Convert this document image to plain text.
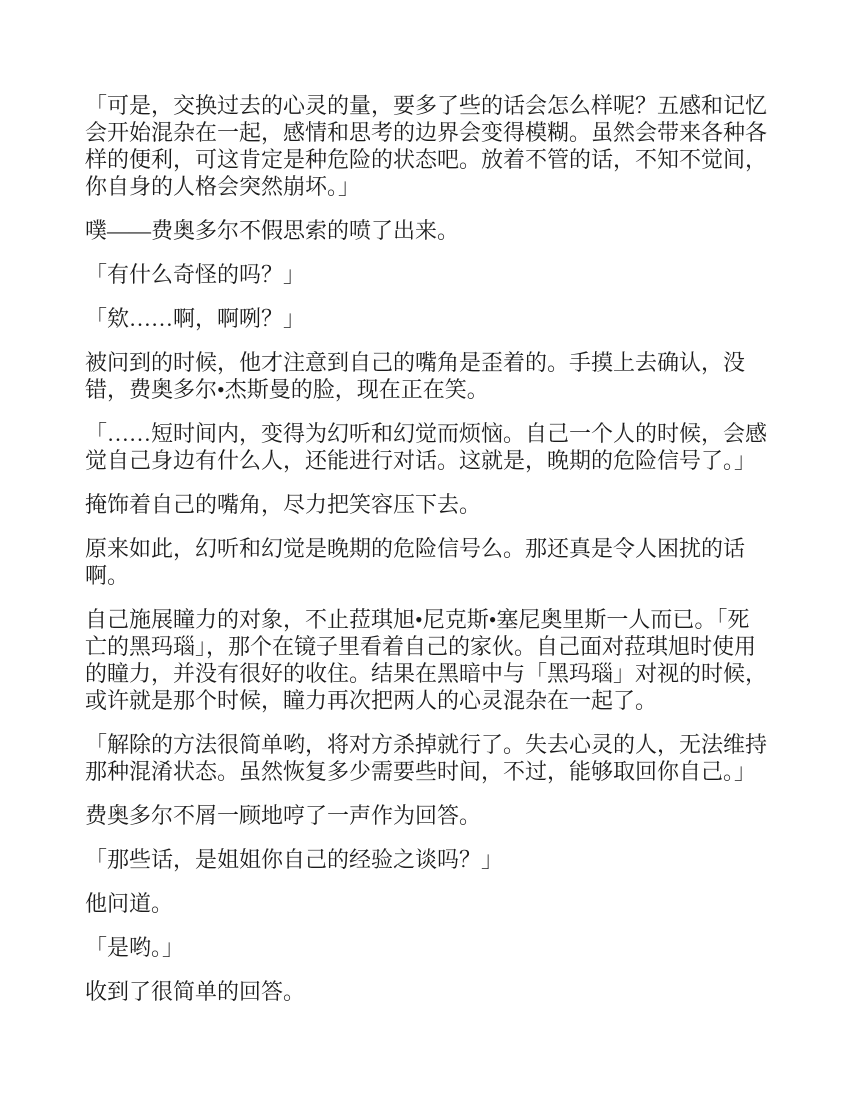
「可是，交换过去的心灵的量，要多了些的话会怎么样呢？五感和记忆会开始混杂在一起，感情和思考的边界会变得模糊。虽然会带来各种各样的便利，可这肯定是种危险的状态吧。放着不管的话，不知不觉间，你自身的人格会突然崩坏。」

噗——费奥多尔不假思索的喷了出来。

「有什么奇怪的吗？」

「欸……啊，啊咧？」

被问到的时候，他才注意到自己的嘴角是歪着的。手摸上去确认，没错，费奥多尔•杰斯曼的脸，现在正在笑。

「……短时间内，变得为幻听和幻觉而烦恼。自己一个人的时候，会感觉自己身边有什么人，还能进行对话。这就是，晚期的危险信号了。」

掩饰着自己的嘴角，尽力把笑容压下去。

原来如此，幻听和幻觉是晚期的危险信号么。那还真是令人困扰的话啊。

自己施展瞳力的对象，不止菈琪旭•尼克斯•塞尼奥里斯一人而已。「死亡的黑玛瑙」，那个在镜子里看着自己的家伙。自己面对菈琪旭时使用的瞳力，并没有很好的收住。结果在黑暗中与「黑玛瑙」对视的时候，或许就是那个时候，瞳力再次把两人的心灵混杂在一起了。

「解除的方法很简单哟，将对方杀掉就行了。失去心灵的人，无法维持那种混淆状态。虽然恢复多少需要些时间，不过，能够取回你自己。」

费奥多尔不屑一顾地哼了一声作为回答。

「那些话，是姐姐你自己的经验之谈吗？」

他问道。

「是哟。」

收到了很简单的回答。
